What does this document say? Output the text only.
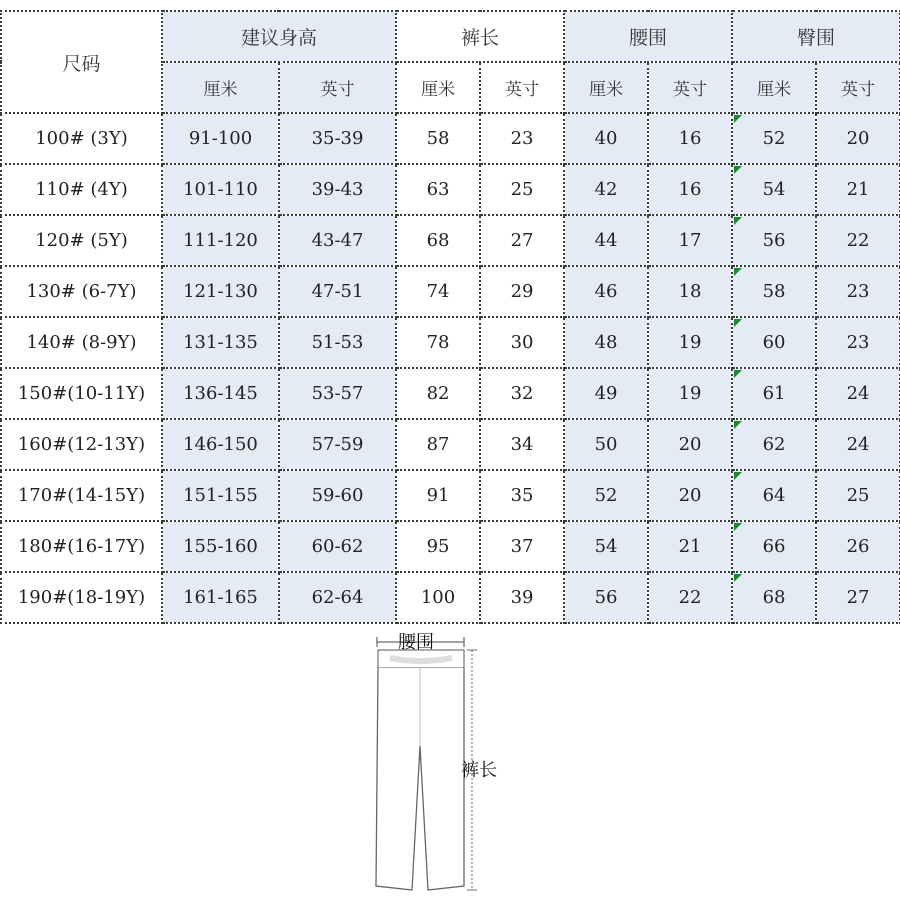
尺码	建议身高		裤长		腰围		臀围	
	厘米	英寸	厘米	英寸	厘米	英寸	厘米	英寸
100# (3Y)	91-100	35-39	58	23	40	16	52	20
110# (4Y)	101-110	39-43	63	25	42	16	54	21
120# (5Y)	111-120	43-47	68	27	44	17	56	22
130# (6-7Y)	121-130	47-51	74	29	46	18	58	23
140# (8-9Y)	131-135	51-53	78	30	48	19	60	23
150#(10-11Y)	136-145	53-57	82	32	49	19	61	24
160#(12-13Y)	146-150	57-59	87	34	50	20	62	24
170#(14-15Y)	151-155	59-60	91	35	52	20	64	25
180#(16-17Y)	155-160	60-62	95	37	54	21	66	26
190#(18-19Y)	161-165	62-64	100	39	56	22	68	27
腰围
裤长
